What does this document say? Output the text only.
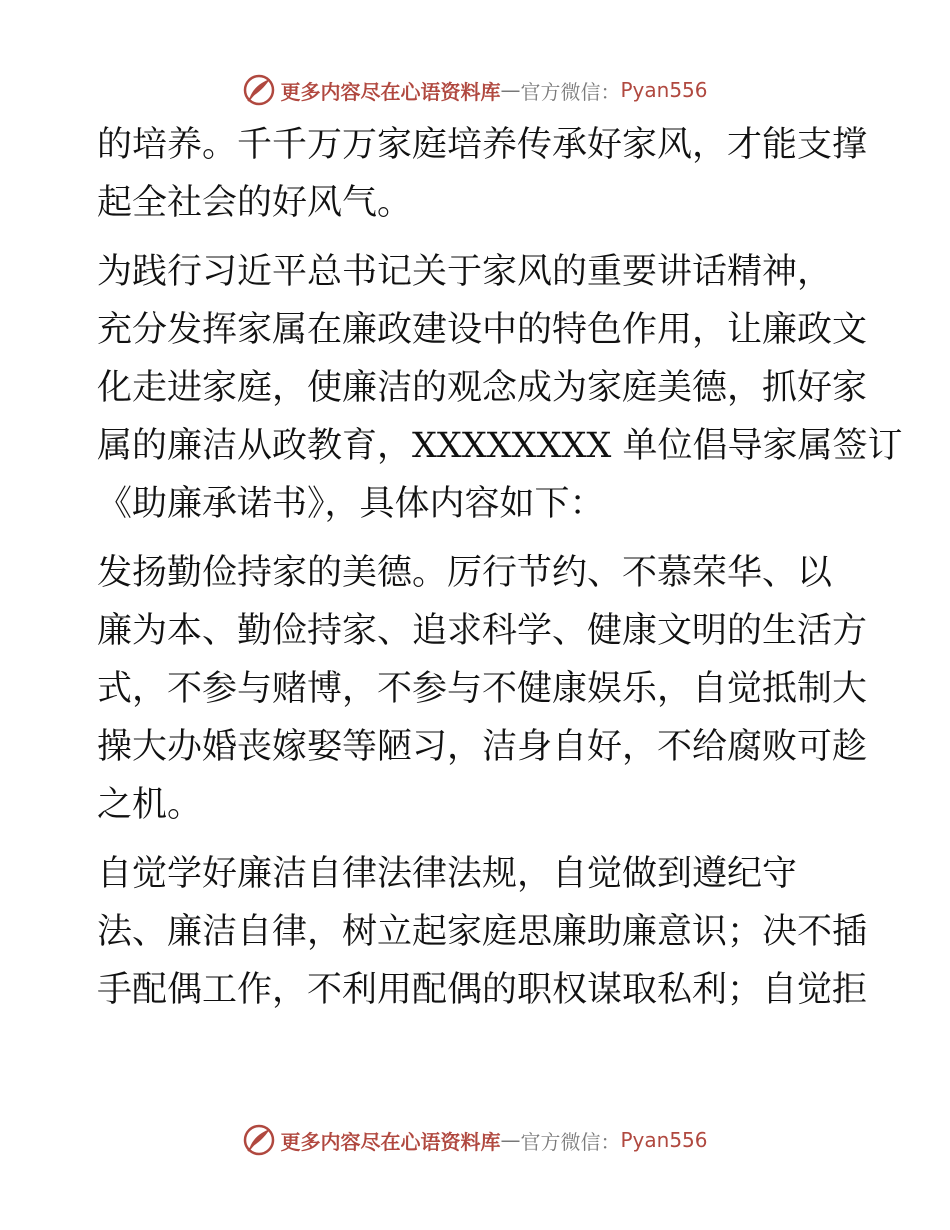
更多内容尽在心语资料库 — 官方微信： Pyan556
的培养。千千万万家庭培养传承好家风，才能支撑
起全社会的好风气。
为践行习近平总书记关于家风的重要讲话精神，
充分发挥家属在廉政建设中的特色作用，让廉政文
化走进家庭，使廉洁的观念成为家庭美德，抓好家
属的廉洁从政教育，XXXXXXXX 单位倡导家属签订
《助廉承诺书》，具体内容如下：
发扬勤俭持家的美德。厉行节约、不慕荣华、以
廉为本、勤俭持家、追求科学、健康文明的生活方
式，不参与赌博，不参与不健康娱乐，自觉抵制大
操大办婚丧嫁娶等陋习，洁身自好，不给腐败可趁
之机。
自觉学好廉洁自律法律法规，自觉做到遵纪守
法、廉洁自律，树立起家庭思廉助廉意识；决不插
手配偶工作，不利用配偶的职权谋取私利；自觉拒
更多内容尽在心语资料库 — 官方微信： Pyan556
